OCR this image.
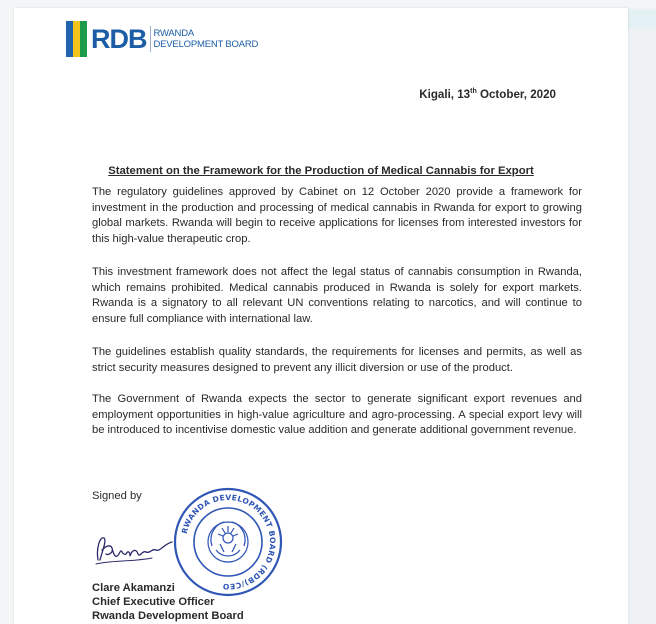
RDB RWANDA
DEVELOPMENT BOARD
Kigali, 13th October, 2020
Statement on the Framework for the Production of Medical Cannabis for Export

The regulatory guidelines approved by Cabinet on 12 October 2020 provide a framework for investment in the production and processing of medical cannabis in Rwanda for export to growing global markets. Rwanda will begin to receive applications for licenses from interested investors for this high-value therapeutic crop.

This investment framework does not affect the legal status of cannabis consumption in Rwanda, which remains prohibited. Medical cannabis produced in Rwanda is solely for export markets. Rwanda is a signatory to all relevant UN conventions relating to narcotics, and will continue to ensure full compliance with international law.

The guidelines establish quality standards, the requirements for licenses and permits, as well as strict security measures designed to prevent any illicit diversion or use of the product.

The Government of Rwanda expects the sector to generate significant export revenues and employment opportunities in high-value agriculture and agro-processing. A special export levy will be introduced to incentivise domestic value addition and generate additional government revenue.

Signed by
RWANDA DEVELOPMENT BOARD (RDB)/CEO
Clare Akamanzi
Chief Executive Officer
Rwanda Development Board
